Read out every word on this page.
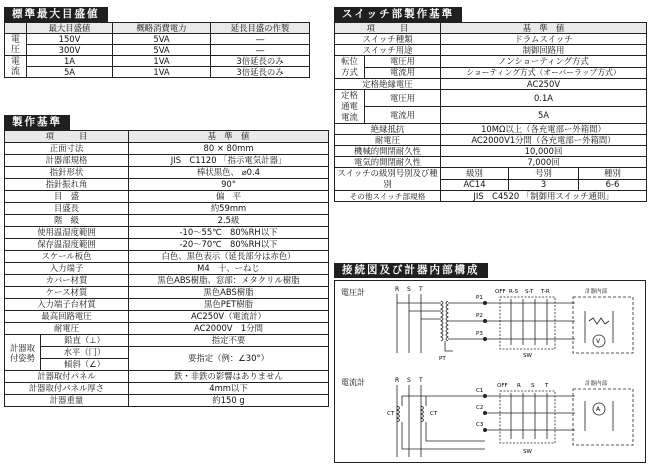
標準最大目盛値
	最大目盛値	概略消費電力	延長目盛の作製
電圧	150V	5VA	―
	300V	5VA	―
電流	1A	1VA	3倍延長のみ
	5A	1VA	3倍延長のみ
製作基準
項　　　目		基　準　値
正面寸法		80 × 80mm
計器部規格		JIS　C1120 「指示電気計器」
指針形状		棒状黒色、 ⌀0.4
指針振れ角		90°
目　盛		偏　平
目盛長		約59mm
階　級		2.5級
使用温湿度範囲		-10〜55℃　80%RH以下
保存温湿度範囲		-20〜70℃　80%RH以下
スケール板色		白色、黒色表示（延長部分は赤色）
入力端子		M4　十、ーねじ
カバー材質		黒色ABS樹脂、窓部：メタクリル樹脂
ケース材質		黒色ABS樹脂
入力端子台材質		黒色PET樹脂
最高回路電圧		AC250V（電流計）
耐電圧		AC2000V　1分間
計器取付姿勢	鉛直（⊥）	指定不要
	水平（冂）	要指定（例：∠30°）
	傾斜（∠）	
計器取付パネル		鉄・非鉄の影響はありません
計器取付パネル厚さ		4mm以下
計器重量		約150 g
スイッチ部製作基準
項　　　目		基　準　値		
スイッチ種類		ドラムスイッチ		
スイッチ用途		制御回路用		
転位方式	電圧用	ノンショーティング方式		
	電流用	ショーティング方式（オーバーラップ方式）		
定格絶縁電圧		AC250V		
定格通電電流	電圧用	0.1A		
	電流用	5A		
絶縁抵抗		10MΩ以上（各充電部ー外箱間）		
耐電圧		AC2000V1分間（各充電部ー外箱間）		
機械的開閉耐久性		10,000回		
電気的開閉耐久性		7,000回		
スイッチの級別号別及び種別		級別	号別	種別
		AC14	3	6-6
その他スイッチ部規格		JIS　C4520 「制御用スイッチ通則」		
接続図及び計器内部構成
電圧計	R S T
P1
P2
P3
OFF R-S S-T T-R	計器内部
PT	SW
V
電流計	R S T
C1
C2
C3
OFF R S T	計器内部
CT	CT
SW
A
